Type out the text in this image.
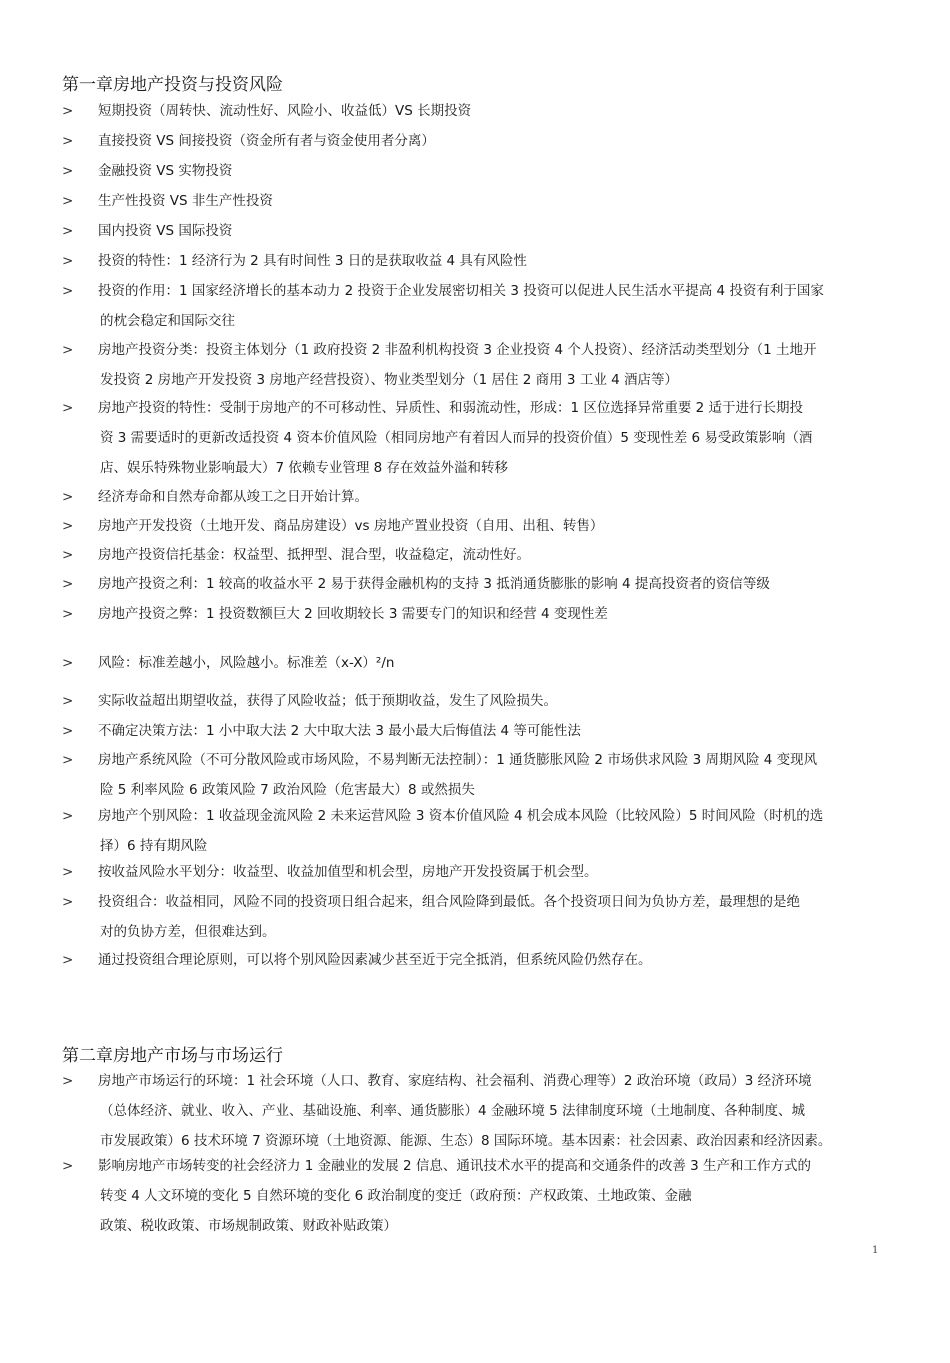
第一章房地产投资与投资风险
>	短期投资（周转快、流动性好、风险小、收益低）VS 长期投资
>	直接投资 VS 间接投资（资金所有者与资金使用者分离）
>	金融投资 VS 实物投资
>	生产性投资 VS 非生产性投资
>	国内投资 VS 国际投资
>	投资的特性：1 经济行为 2 具有时间性 3 日的是获取收益 4 具有风险性
>	投资的作用：1 国家经济增长的基本动力 2 投资于企业发展密切相关 3 投资可以促进人民生活水平提高 4 投资有利于国家
的枕会稳定和国际交往
>	房地产投资分类：投资主体划分（1 政府投资 2 非盈利机构投资 3 企业投资 4 个人投资）、经济活动类型划分（1 土地开
发投资 2 房地产开发投资 3 房地产经营投资）、物业类型划分（1 居住 2 商用 3 工业 4 酒店等）
>	房地产投资的特性：受制于房地产的不可移动性、异质性、和弱流动性，形成：1 区位选择异常重要 2 适于进行长期投
资 3 需要适时的更新改适投资 4 资本价值风险（相同房地产有着因人而异的投资价值）5 变现性差 6 易受政策影响（酒
店、娱乐特殊物业影响最大）7 依赖专业管理 8 存在效益外溢和转移
>	经济寿命和自然寿命都从竣工之日开始计算。
>	房地产开发投资（土地开发、商品房建设）vs 房地产置业投资（自用、出租、转售）
>	房地产投资信托基金：权益型、抵押型、混合型，收益稳定，流动性好。
>	房地产投资之利：1 较高的收益水平 2 易于获得金融机构的支持 3 抵消通货膨胀的影响 4 提高投资者的资信等级
>	房地产投资之弊：1 投资数额巨大 2 回收期较长 3 需要专门的知识和经营 4 变现性差
>	风险：标准差越小，风险越小。标准差（x-X）²/n
>	实际收益超出期望收益，获得了风险收益；低于预期收益，发生了风险损失。
>	不确定决策方法：1 小中取大法 2 大中取大法 3 最小最大后悔值法 4 等可能性法
>	房地产系统风险（不可分散风险或市场风险，不易判断无法控制）：1 通货膨胀风险 2 市场供求风险 3 周期风险 4 变现风
险 5 利率风险 6 政策风险 7 政治风险（危害最大）8 或然损失
>	房地产个别风险：1 收益现金流风险 2 未来运营风险 3 资本价值风险 4 机会成本风险（比较风险）5 时间风险（时机的选
择）6 持有期风险
>	按收益风险水平划分：收益型、收益加值型和机会型，房地产开发投资属于机会型。
>	投资组合：收益相同，风险不同的投资项日组合起来，组合风险降到最低。各个投资项日间为负协方差，最理想的是绝
对的负协方差，但很难达到。
>	通过投资组合理论原则，可以将个别风险因素减少甚至近于完全抵消，但系统风险仍然存在。
第二章房地产市场与市场运行
>	房地产市场运行的环境：1 社会环境（人口、教育、家庭结构、社会福利、消费心理等）2 政治环境（政局）3 经济环境
（总体经济、就业、收入、产业、基础设施、利率、通货膨胀）4 金融环境 5 法律制度环境（土地制度、各种制度、城
市发展政策）6 技术环境 7 资源环境（土地资源、能源、生态）8 国际环境。基本因素：社会因素、政治因素和经济因素。
>	影响房地产市场转变的社会经济力 1 金融业的发展 2 信息、通讯技术水平的提高和交通条件的改善 3 生产和工作方式的
转变 4 人文环境的变化 5 自然环境的变化 6 政治制度的变迁（政府预：产权政策、土地政策、金融
政策、税收政策、市场规制政策、财政补贴政策）
1
